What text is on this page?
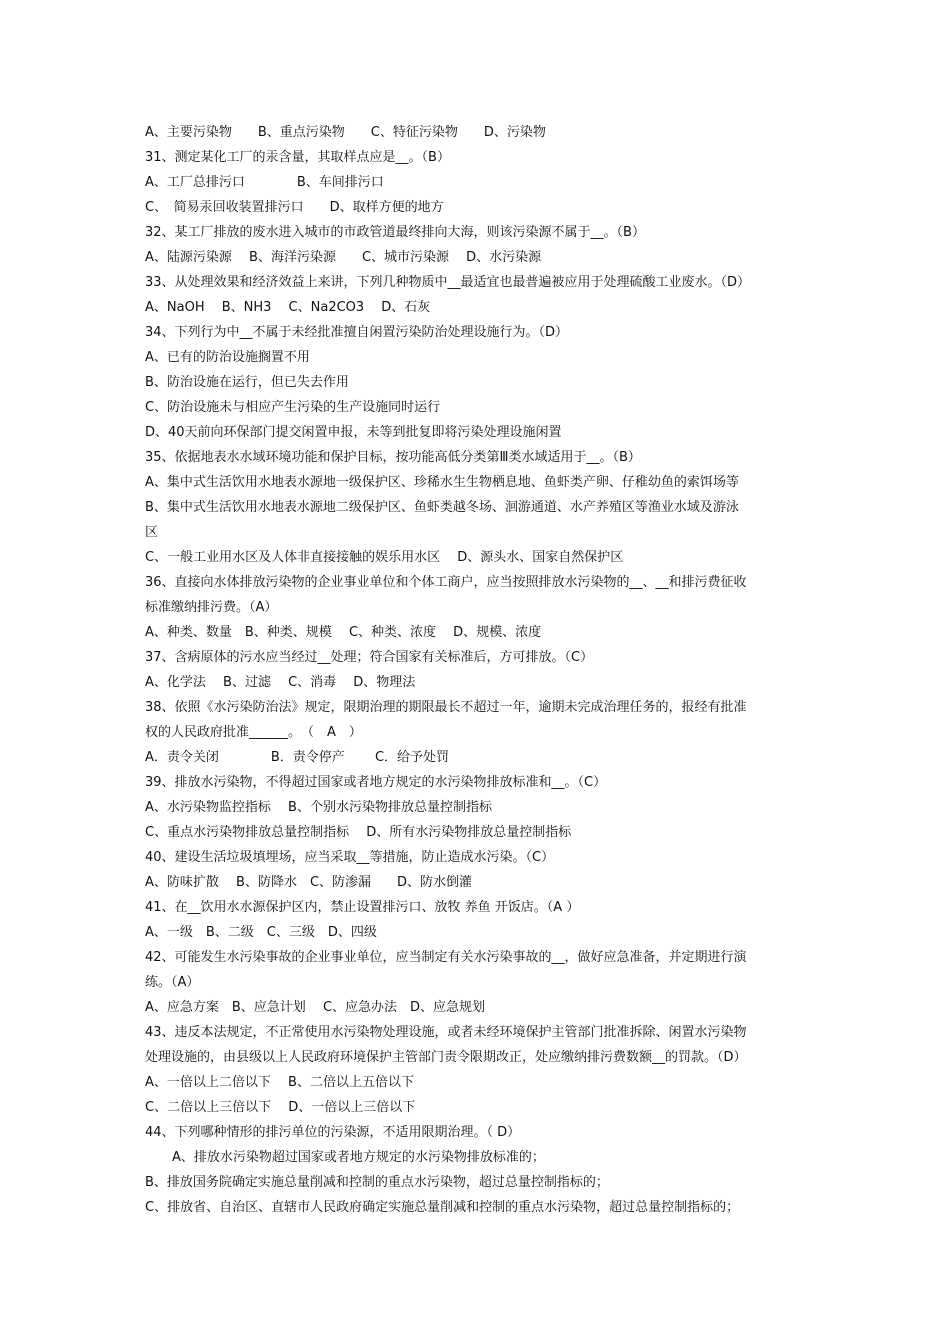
A、主要污染物　　B、重点污染物　　C、特征污染物　　D、污染物
31、测定某化工厂的汞含量，其取样点应是__。（B）
A、工厂总排污口　　　　B、车间排污口
C、　简易汞回收装置排污口　　D、取样方便的地方
32、某工厂排放的废水进入城市的市政管道最终排向大海，则该污染源不属于__。（B）
A、陆源污染源　 B、海洋污染源　　C、城市污染源　 D、水污染源
33、从处理效果和经济效益上来讲，下列几种物质中__最适宜也最普遍被应用于处理硫酸工业废水。（D）
A、NaOH　 B、NH3　 C、Na2CO3　 D、石灰
34、下列行为中__不属于未经批准擅自闲置污染防治处理设施行为。（D）
A、已有的防治设施搁置不用
B、防治设施在运行，但已失去作用
C、防治设施未与相应产生污染的生产设施同时运行
D、40天前向环保部门提交闲置申报，未等到批复即将污染处理设施闲置
35、依据地表水水域环境功能和保护目标，按功能高低分类第Ⅲ类水域适用于__。（B）
A、集中式生活饮用水地表水源地一级保护区、珍稀水生生物栖息地、鱼虾类产卵、仔稚幼鱼的索饵场等
B、集中式生活饮用水地表水源地二级保护区、鱼虾类越冬场、洄游通道、水产养殖区等渔业水域及游泳
区
C、一般工业用水区及人体非直接接触的娱乐用水区　 D、源头水、国家自然保护区
36、直接向水体排放污染物的企业事业单位和个体工商户，应当按照排放水污染物的__、__和排污费征收
标准缴纳排污费。（A）
A、种类、数量　B、种类、规模　 C、种类、浓度　 D、规模、浓度
37、含病原体的污水应当经过__处理；符合国家有关标准后，方可排放。（C）
A、化学法　 B、过滤　 C、消毒　 D、物理法
38、依照《水污染防治法》规定，限期治理的期限最长不超过一年，逾期未完成治理任务的，报经有批准
权的人民政府批准______。　（　A　）
A．责令关闭　　　　B．责令停产　　 C．给予处罚
39、排放水污染物，不得超过国家或者地方规定的水污染物排放标准和__。（C）
A、水污染物监控指标　 B、个别水污染物排放总量控制指标
C、重点水污染物排放总量控制指标　 D、所有水污染物排放总量控制指标
40、建设生活垃圾填埋场，应当采取__等措施，防止造成水污染。（C）
A、防味扩散　 B、防降水　C、防渗漏　　D、防水倒灌
41、在__饮用水水源保护区内，禁止设置排污口、放牧 养鱼 开饭店。（A ）
A、一级　B、二级　C、三级　D、四级
42、可能发生水污染事故的企业事业单位，应当制定有关水污染事故的__，做好应急准备，并定期进行演
练。（A）
A、应急方案　B、应急计划　 C、应急办法　D、应急规划
43、违反本法规定，不正常使用水污染物处理设施，或者未经环境保护主管部门批准拆除、闲置水污染物
处理设施的，由县级以上人民政府环境保护主管部门责令限期改正，处应缴纳排污费数额__的罚款。（D）
A、一倍以上二倍以下　 B、二倍以上五倍以下
C、二倍以上三倍以下　 D、一倍以上三倍以下
44、下列哪种情形的排污单位的污染源，不适用限期治理。（ D）
A、排放水污染物超过国家或者地方规定的水污染物排放标准的；
B、排放国务院确定实施总量削减和控制的重点水污染物，超过总量控制指标的；
C、排放省、自治区、直辖市人民政府确定实施总量削减和控制的重点水污染物，超过总量控制指标的；
